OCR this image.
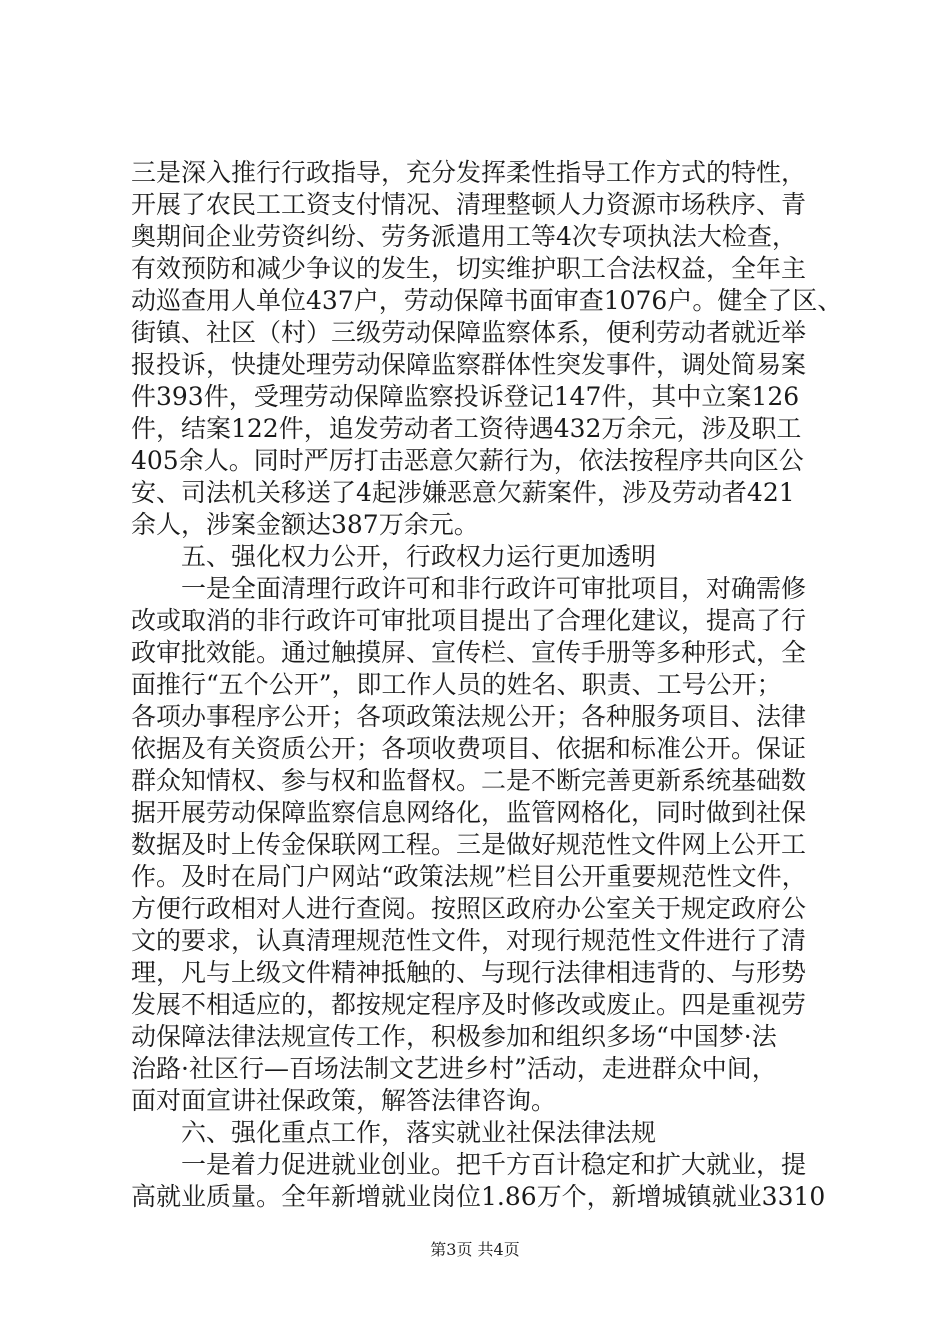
三是深入推行行政指导，充分发挥柔性指导工作方式的特性，
开展了农民工工资支付情况、清理整顿人力资源市场秩序、青
奥期间企业劳资纠纷、劳务派遣用工等4次专项执法大检查，
有效预防和减少争议的发生，切实维护职工合法权益，全年主
动巡查用人单位437户，劳动保障书面审查1076户。健全了区、
街镇、社区（村）三级劳动保障监察体系，便利劳动者就近举
报投诉，快捷处理劳动保障监察群体性突发事件，调处简易案
件393件，受理劳动保障监察投诉登记147件，其中立案126
件，结案122件，追发劳动者工资待遇432万余元，涉及职工
405余人。同时严厉打击恶意欠薪行为，依法按程序共向区公
安、司法机关移送了4起涉嫌恶意欠薪案件，涉及劳动者421
余人，涉案金额达387万余元。
五、强化权力公开，行政权力运行更加透明
一是全面清理行政许可和非行政许可审批项目，对确需修
改或取消的非行政许可审批项目提出了合理化建议，提高了行
政审批效能。通过触摸屏、宣传栏、宣传手册等多种形式，全
面推行“五个公开”，即工作人员的姓名、职责、工号公开；
各项办事程序公开；各项政策法规公开；各种服务项目、法律
依据及有关资质公开；各项收费项目、依据和标准公开。保证
群众知情权、参与权和监督权。二是不断完善更新系统基础数
据开展劳动保障监察信息网络化，监管网格化，同时做到社保
数据及时上传金保联网工程。三是做好规范性文件网上公开工
作。及时在局门户网站“政策法规”栏目公开重要规范性文件，
方便行政相对人进行查阅。按照区政府办公室关于规定政府公
文的要求，认真清理规范性文件，对现行规范性文件进行了清
理，凡与上级文件精神抵触的、与现行法律相违背的、与形势
发展不相适应的，都按规定程序及时修改或废止。四是重视劳
动保障法律法规宣传工作，积极参加和组织多场“中国梦·法
治路·社区行—百场法制文艺进乡村”活动，走进群众中间，
面对面宣讲社保政策，解答法律咨询。
六、强化重点工作，落实就业社保法律法规
一是着力促进就业创业。把千方百计稳定和扩大就业，提
高就业质量。全年新增就业岗位1.86万个，新增城镇就业3310
第3页 共4页
